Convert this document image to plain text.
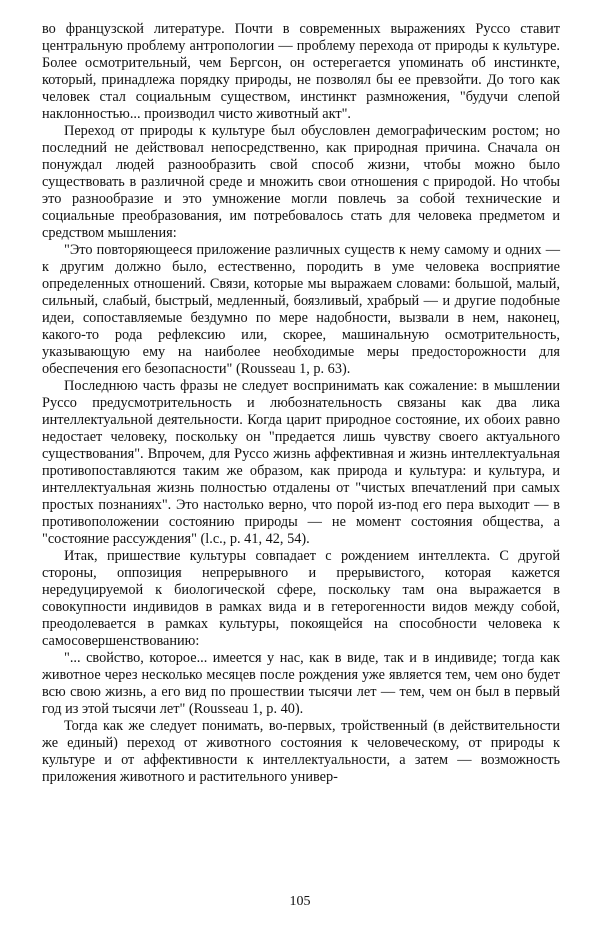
во французской литературе. Почти в современных выражениях Руссо ставит центральную проблему антропологии — проблему перехода от природы к культуре. Более осмотрительный, чем Бергсон, он остерегается упоминать об инстинкте, который, принадлежа порядку природы, не позволял бы ее превзойти. До того как человек стал социальным существом, инстинкт размножения, "будучи слепой наклонностью... производил чисто животный акт".

Переход от природы к культуре был обусловлен демографическим ростом; но последний не действовал непосредственно, как природная причина. Сначала он понуждал людей разнообразить свой способ жизни, чтобы можно было существовать в различной среде и множить свои отношения с природой. Но чтобы это разнообразие и это умножение могли повлечь за собой технические и социальные преобразования, им потребовалось стать для человека предметом и средством мышления:

"Это повторяющееся приложение различных существ к нему самому и одних — к другим должно было, естественно, породить в уме человека восприятие определенных отношений. Связи, которые мы выражаем словами: большой, малый, сильный, слабый, быстрый, медленный, боязливый, храбрый — и другие подобные идеи, сопоставляемые бездумно по мере надобности, вызвали в нем, наконец, какого-то рода рефлексию или, скорее, машинальную осмотрительность, указывающую ему на наиболее необходимые меры предосторожности для обеспечения его безопасности" (Rousseau 1, p. 63).

Последнюю часть фразы не следует воспринимать как сожаление: в мышлении Руссо предусмотрительность и любознательность связаны как два лика интеллектуальной деятельности. Когда царит природное состояние, их обоих равно недостает человеку, поскольку он "предается лишь чувству своего актуального существования". Впрочем, для Руссо жизнь аффективная и жизнь интеллектуальная противопоставляются таким же образом, как природа и культура: и культура, и интеллектуальная жизнь полностью отдалены от "чистых впечатлений при самых простых познаниях". Это настолько верно, что порой из-под его пера выходит — в противоположении состоянию природы — не момент состояния общества, а "состояние рассуждения" (l.c., p. 41, 42, 54).

Итак, пришествие культуры совпадает с рождением интеллекта. С другой стороны, оппозиция непрерывного и прерывистого, которая кажется нередуцируемой к биологической сфере, поскольку там она выражается в совокупности индивидов в рамках вида и в гетерогенности видов между собой, преодолевается в рамках культуры, покоящейся на способности человека к самосовершенствованию:

"... свойство, которое... имеется у нас, как в виде, так и в индивиде; тогда как животное через несколько месяцев после рождения уже является тем, чем оно будет всю свою жизнь, а его вид по прошествии тысячи лет — тем, чем он был в первый год из этой тысячи лет" (Rousseau 1, p. 40).

Тогда как же следует понимать, во-первых, тройственный (в действительности же единый) переход от животного состояния к человеческому, от природы к культуре и от аффективности к интеллектуальности, а затем — возможность приложения животного и растительного универ-

105
